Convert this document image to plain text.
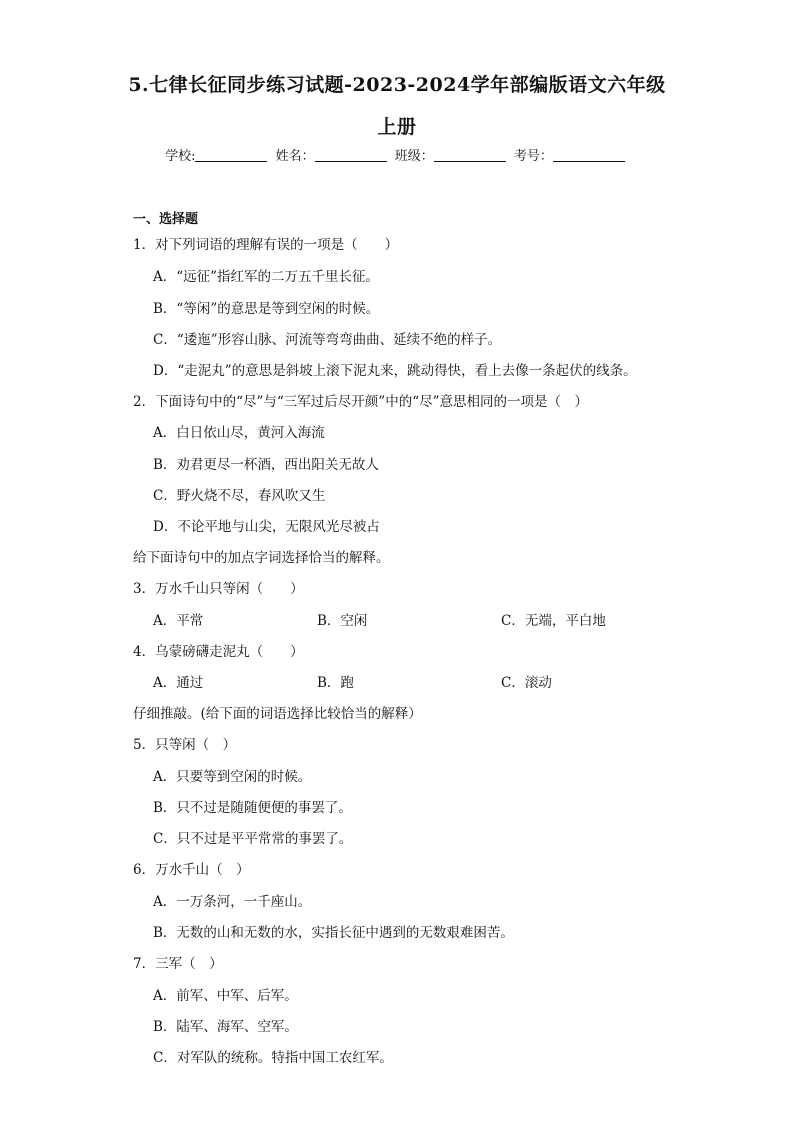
5.七律长征同步练习试题-2023-2024学年部编版语文六年级
上册
学校:	姓名：	班级：	考号：
一、选择题
1．对下列词语的理解有误的一项是（　　）
A．“远征”指红军的二万五千里长征。
B．“等闲”的意思是等到空闲的时候。
C．“逶迤”形容山脉、河流等弯弯曲曲、延续不绝的样子。
D．“走泥丸”的意思是斜坡上滚下泥丸来，跳动得快，看上去像一条起伏的线条。
2．下面诗句中的“尽”与“三军过后尽开颜”中的“尽”意思相同的一项是（　）
A．白日依山尽，黄河入海流
B．劝君更尽一杯酒，西出阳关无故人
C．野火烧不尽，春风吹又生
D．不论平地与山尖，无限风光尽被占
给下面诗句中的加点字词选择恰当的解释。
3．万水千山只等闲（　　）
A．平常	B．空闲	C．无端，平白地
4．乌蒙磅礴走泥丸（　　）
A．通过	B．跑	C．滚动
仔细推敲。(给下面的词语选择比较恰当的解释）
5．只等闲（　）
A．只要等到空闲的时候。
B．只不过是随随便便的事罢了。
C．只不过是平平常常的事罢了。
6．万水千山（　）
A．一万条河，一千座山。
B．无数的山和无数的水，实指长征中遇到的无数艰难困苦。
7．三军（　）
A．前军、中军、后军。
B．陆军、海军、空军。
C．对军队的统称。特指中国工农红军。
